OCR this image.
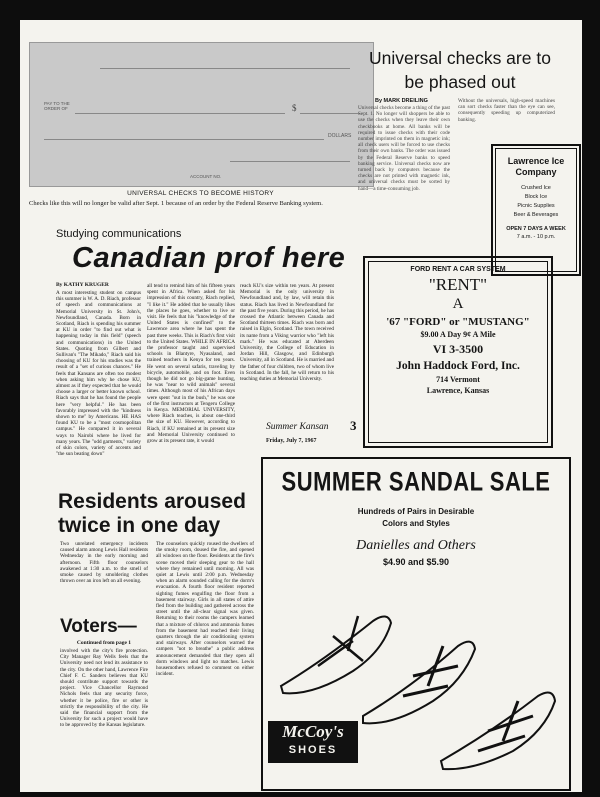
PAY TO THE ORDER OF	$
DOLLARS
ACCOUNT NO.
UNIVERSAL CHECKS TO BECOME HISTORY
Checks like this will no longer be valid after Sept. 1 because of an order by the Federal Reserve Banking system.
Universal checks are to be phased out
By MARK DREILING
Universal checks become a thing of the past Sept. 1. No longer will shoppers be able to use the checks when they leave their own checkbooks at home. All banks will be required to issue checks with their code number imprinted on them in magnetic ink; all check users will be forced to use checks from their own banks. The order was issued by the Federal Reserve banks to speed banking service. Universal checks now are turned back by computers because the checks are not printed with magnetic ink, and universal checks must be sorted by hand—a time-consuming job.
Without the universals, high-speed machines can sort checks faster than the eye can see, consequently speeding up computerized banking.
Lawrence Ice Company
Crushed Ice
Block Ice
Picnic Supplies
Beer & Beverages
OPEN 7 DAYS A WEEK
7 a.m. - 10 p.m.
Studying communications
Canadian prof here
By KATHY KRUGER
A most interesting student on campus this summer is W. A. D. Riach, professor of speech and communications at Memorial University in St. John's, Newfoundland, Canada. Born in Scotland, Riach is spending his summer at KU in order "to find out what is happening today in this field" (speech and communications) in the United States. Quoting from Gilbert and Sullivan's "The Mikado," Riach said his choosing of KU for his studies was the result of a "set of curious chances." He feels that Kansans are often too modest when asking him why he chose KU, almost as if they expected that he would choose a larger or better known school. Riach says that he has found the people here "very helpful." He has been favorably impressed with the "kindness shown to me" by Americans. HE HAS found KU to be a "most cosmopolitan campus." He compared it in several ways to Nairobi where he lived for many years. The "odd garments," variety of skin colors, variety of accents and "the sun beating down"
all tend to remind him of his fifteen years spent in Africa. When asked for his impression of this country, Riach replied, "I like it." He added that he usually likes the places he goes, whether to live or visit. He feels that his "knowledge of the United States is confined" to the Lawrence area where he has spent the past three weeks. This is Riach's first visit to the United States. WHILE IN AFRICA the professor taught and supervised schools in Blantyre, Nyasaland, and trained teachers in Kenya for ten years. He went on several safaris, traveling by bicycle, automobile, and on foot. Even though he did not go big-game hunting, he was "near to wild animals" several times. Although most of his African days were spent "out in the bush," he was one of the first instructors at Tengeru College in Kenya. MEMORIAL UNIVERSITY, where Riach teaches, is about one-third the size of KU. However, according to Riach, if KU remained at its present size and Memorial University continued to grow at its present rate, it would
reach KU's size within ten years. At present Memorial is the only university in Newfoundland and, by law, will retain this status. Riach has lived in Newfoundland for the past five years. During this period, he has crossed the Atlantic between Canada and Scotland thirteen times. Riach was born and raised in Elgin, Scotland. The town received its name from a Viking warrior who "left his mark." He was educated at Aberdeen University, the College of Education in Jordan Hill, Glasgow, and Edinburgh University, all in Scotland. He is married and the father of four children, two of whom live in Scotland. In the fall, he will return to his teaching duties at Memorial University.
Summer Kansan 3
Friday, July 7, 1967
FORD RENT A CAR SYSTEM
"RENT"
A
'67 "FORD" or "MUSTANG"
$9.00 A Day 9¢ A Mile
VI 3-3500
John Haddock Ford, Inc.
714 Vermont
Lawrence, Kansas
Residents aroused twice in one day
Two unrelated emergency incidents caused alarm among Lewis Hall residents Wednesday in the early morning and afternoon. Fifth floor counselors awakened at 1:30 a.m. to the smell of smoke caused by smoldering clothes thrown over an iron left on all evening.
The counselors quickly roused the dwellers of the smoky room, doused the fire, and opened all windows on the floor. Residents at the fire's scene moved their sleeping gear to the hall where they remained until morning. All was quiet at Lewis until 2:00 p.m. Wednesday when an alarm sounded calling for the dorm's evacuation. A fourth floor resident reported sighting fumes engulfing the floor from a basement stairway. Girls in all states of attire fled from the building and gathered across the street until the all-clear signal was given. Returning to their rooms the campers learned that a mixture of chlorox and ammonia fumes from the basement had reached their living quarters through the air conditioning system and stairways. After counselors warned the campers "not to breathe" a public address announcement demanded that they open all dorm windows and light no matches. Lewis housemothers refused to comment on either incident.
Voters—
Continued from page 1
involved with the city's fire protection. City Manager Ray Wells feels that the University need not lend its assistance to the city. On the other hand, Lawrence Fire Chief F. C. Sanders believes that KU should contribute support towards the project. Vice Chancellor Raymond Nichols feels that any security force, whether it be police, fire or other is strictly the responsibility of the city. He said the financial support from the University for such a project would have to be approved by the Kansas legislature.
SUMMER SANDAL SALE
Hundreds of Pairs in Desirable
Colors and Styles
Danielles and Others
$4.90 and $5.90
McCoy's
SHOES
